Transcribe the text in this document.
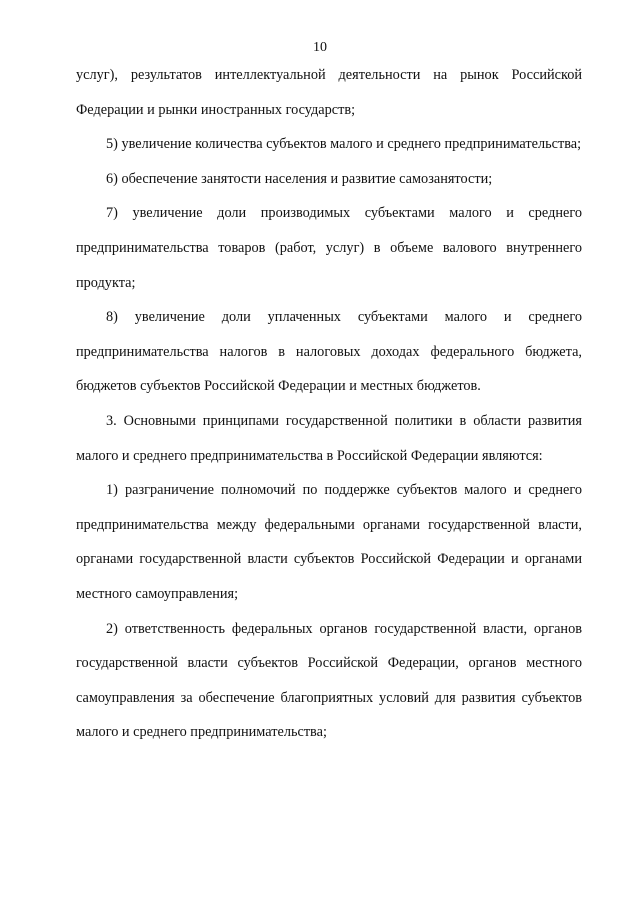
10

услуг), результатов интеллектуальной деятельности на рынок Российской Федерации и рынки иностранных государств;

5) увеличение количества субъектов малого и среднего предпринимательства;

6) обеспечение занятости населения и развитие самозанятости;

7) увеличение доли производимых субъектами малого и среднего предпринимательства товаров (работ, услуг) в объеме валового внутреннего продукта;

8) увеличение доли уплаченных субъектами малого и среднего предпринимательства налогов в налоговых доходах федерального бюджета, бюджетов субъектов Российской Федерации и местных бюджетов.

3. Основными принципами государственной политики в области развития малого и среднего предпринимательства в Российской Федерации являются:

1) разграничение полномочий по поддержке субъектов малого и среднего предпринимательства между федеральными органами государственной власти, органами государственной власти субъектов Российской Федерации и органами местного самоуправления;

2) ответственность федеральных органов государственной власти, органов государственной власти субъектов Российской Федерации, органов местного самоуправления за обеспечение благоприятных условий для развития субъектов малого и среднего предпринимательства;
